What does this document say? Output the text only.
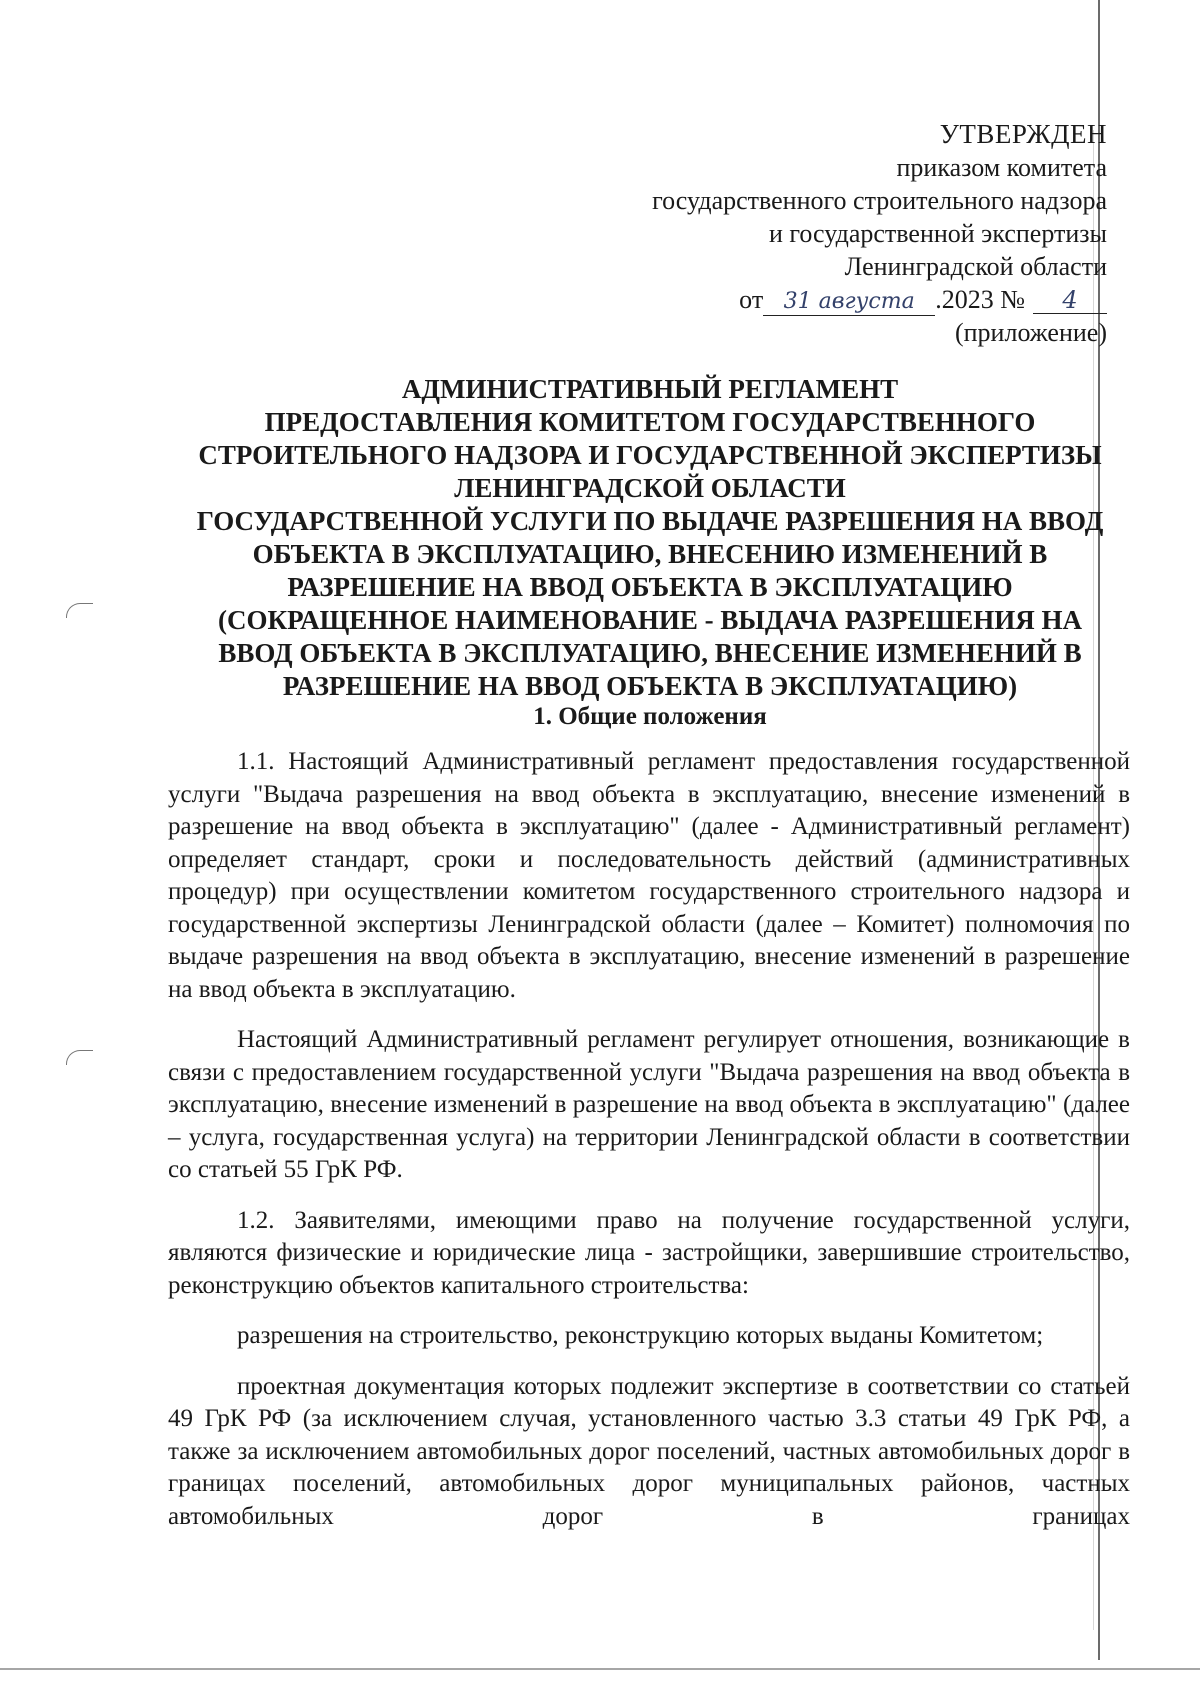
УТВЕРЖДЕН
приказом комитета
государственного строительного надзора
и государственной экспертизы
Ленинградской области
от 31 августа .2023 №	4
(приложение)
АДМИНИСТРАТИВНЫЙ РЕГЛАМЕНТ
ПРЕДОСТАВЛЕНИЯ КОМИТЕТОМ ГОСУДАРСТВЕННОГО
СТРОИТЕЛЬНОГО НАДЗОРА И ГОСУДАРСТВЕННОЙ ЭКСПЕРТИЗЫ
ЛЕНИНГРАДСКОЙ ОБЛАСТИ
ГОСУДАРСТВЕННОЙ УСЛУГИ ПО ВЫДАЧЕ РАЗРЕШЕНИЯ НА ВВОД
ОБЪЕКТА В ЭКСПЛУАТАЦИЮ, ВНЕСЕНИЮ ИЗМЕНЕНИЙ В
РАЗРЕШЕНИЕ НА ВВОД ОБЪЕКТА В ЭКСПЛУАТАЦИЮ
(СОКРАЩЕННОЕ НАИМЕНОВАНИЕ - ВЫДАЧА РАЗРЕШЕНИЯ НА
ВВОД ОБЪЕКТА В ЭКСПЛУАТАЦИЮ, ВНЕСЕНИЕ ИЗМЕНЕНИЙ В
РАЗРЕШЕНИЕ НА ВВОД ОБЪЕКТА В ЭКСПЛУАТАЦИЮ)
1. Общие положения

1.1. Настоящий Административный регламент предоставления государственной услуги "Выдача разрешения на ввод объекта в эксплуатацию, внесение изменений в разрешение на ввод объекта в эксплуатацию" (далее - Административный регламент) определяет стандарт, сроки и последовательность действий (административных процедур) при осуществлении комитетом государственного строительного надзора и государственной экспертизы Ленинградской области (далее – Комитет) полномочия по выдаче разрешения на ввод объекта в эксплуатацию, внесение изменений в разрешение на ввод объекта в эксплуатацию.

Настоящий Административный регламент регулирует отношения, возникающие в связи с предоставлением государственной услуги "Выдача разрешения на ввод объекта в эксплуатацию, внесение изменений в разрешение на ввод объекта в эксплуатацию" (далее – услуга, государственная услуга) на территории Ленинградской области в соответствии со статьей 55 ГрК РФ.

1.2. Заявителями, имеющими право на получение государственной услуги, являются физические и юридические лица - застройщики, завершившие строительство, реконструкцию объектов капитального строительства:

разрешения на строительство, реконструкцию которых выданы Комитетом;

проектная документация которых подлежит экспертизе в соответствии со статьей 49 ГрК РФ (за исключением случая, установленного частью 3.3 статьи 49 ГрК РФ, а также за исключением автомобильных дорог поселений, частных автомобильных дорог в границах поселений, автомобильных дорог муниципальных районов, частных автомобильных дорог в границах
